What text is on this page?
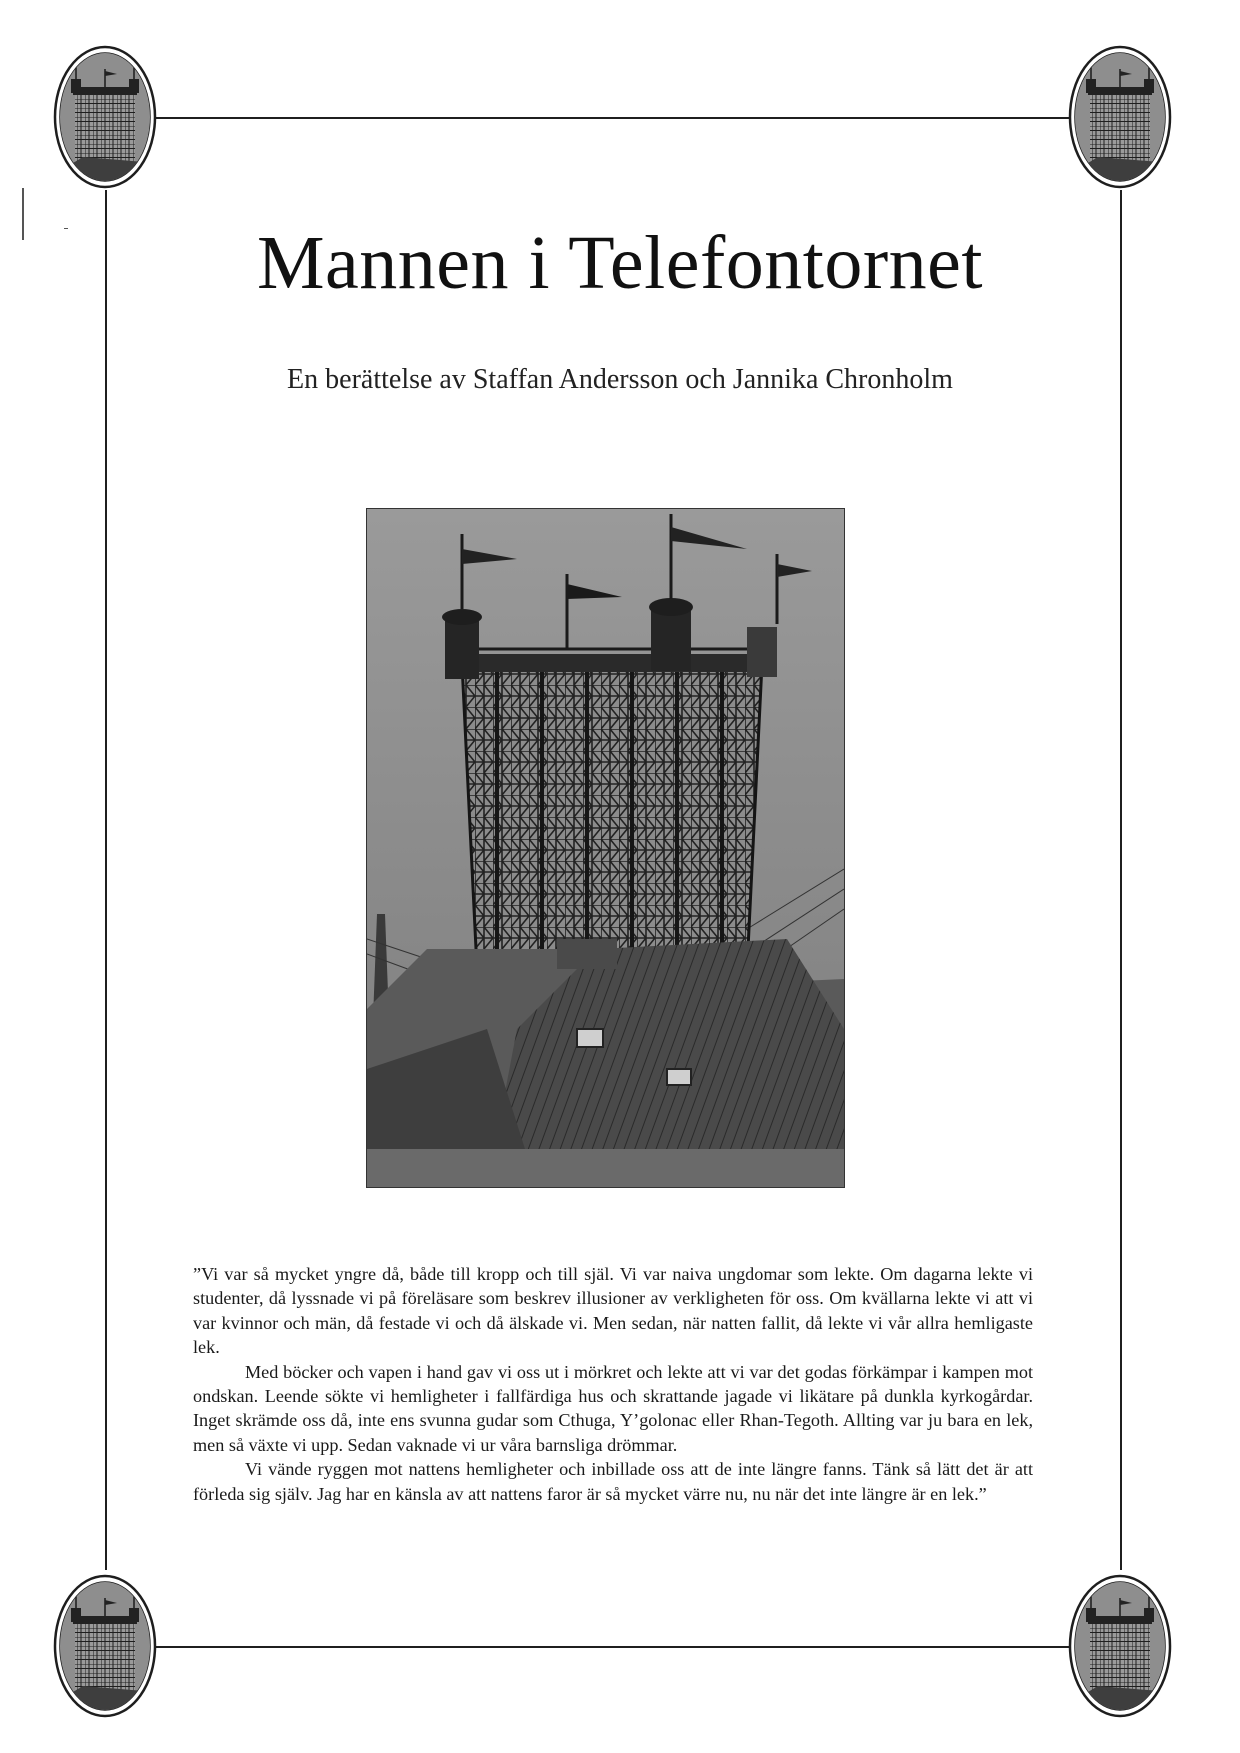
Mannen i Telefontornet
En berättelse av Staffan Andersson och Jannika Chronholm

”Vi var så mycket yngre då, både till kropp och till själ. Vi var naiva ungdomar som lekte. Om dagarna lekte vi studenter, då lyssnade vi på föreläsare som beskrev illusioner av verkligheten för oss. Om kvällarna lekte vi att vi var kvinnor och män, då festade vi och då älskade vi. Men sedan, när natten fallit, då lekte vi vår allra hemligaste lek.

Med böcker och vapen i hand gav vi oss ut i mörkret och lekte att vi var det godas förkämpar i kampen mot ondskan. Leende sökte vi hemligheter i fallfärdiga hus och skrattande jagade vi likätare på dunkla kyrkogårdar. Inget skrämde oss då, inte ens svunna gudar som Cthuga, Y’golonac eller Rhan-Tegoth. Allting var ju bara en lek, men så växte vi upp. Sedan vaknade vi ur våra barnsliga drömmar.

Vi vände ryggen mot nattens hemligheter och inbillade oss att de inte längre fanns. Tänk så lätt det är att förleda sig själv. Jag har en känsla av att nattens faror är så mycket värre nu, nu när det inte längre är en lek.”
